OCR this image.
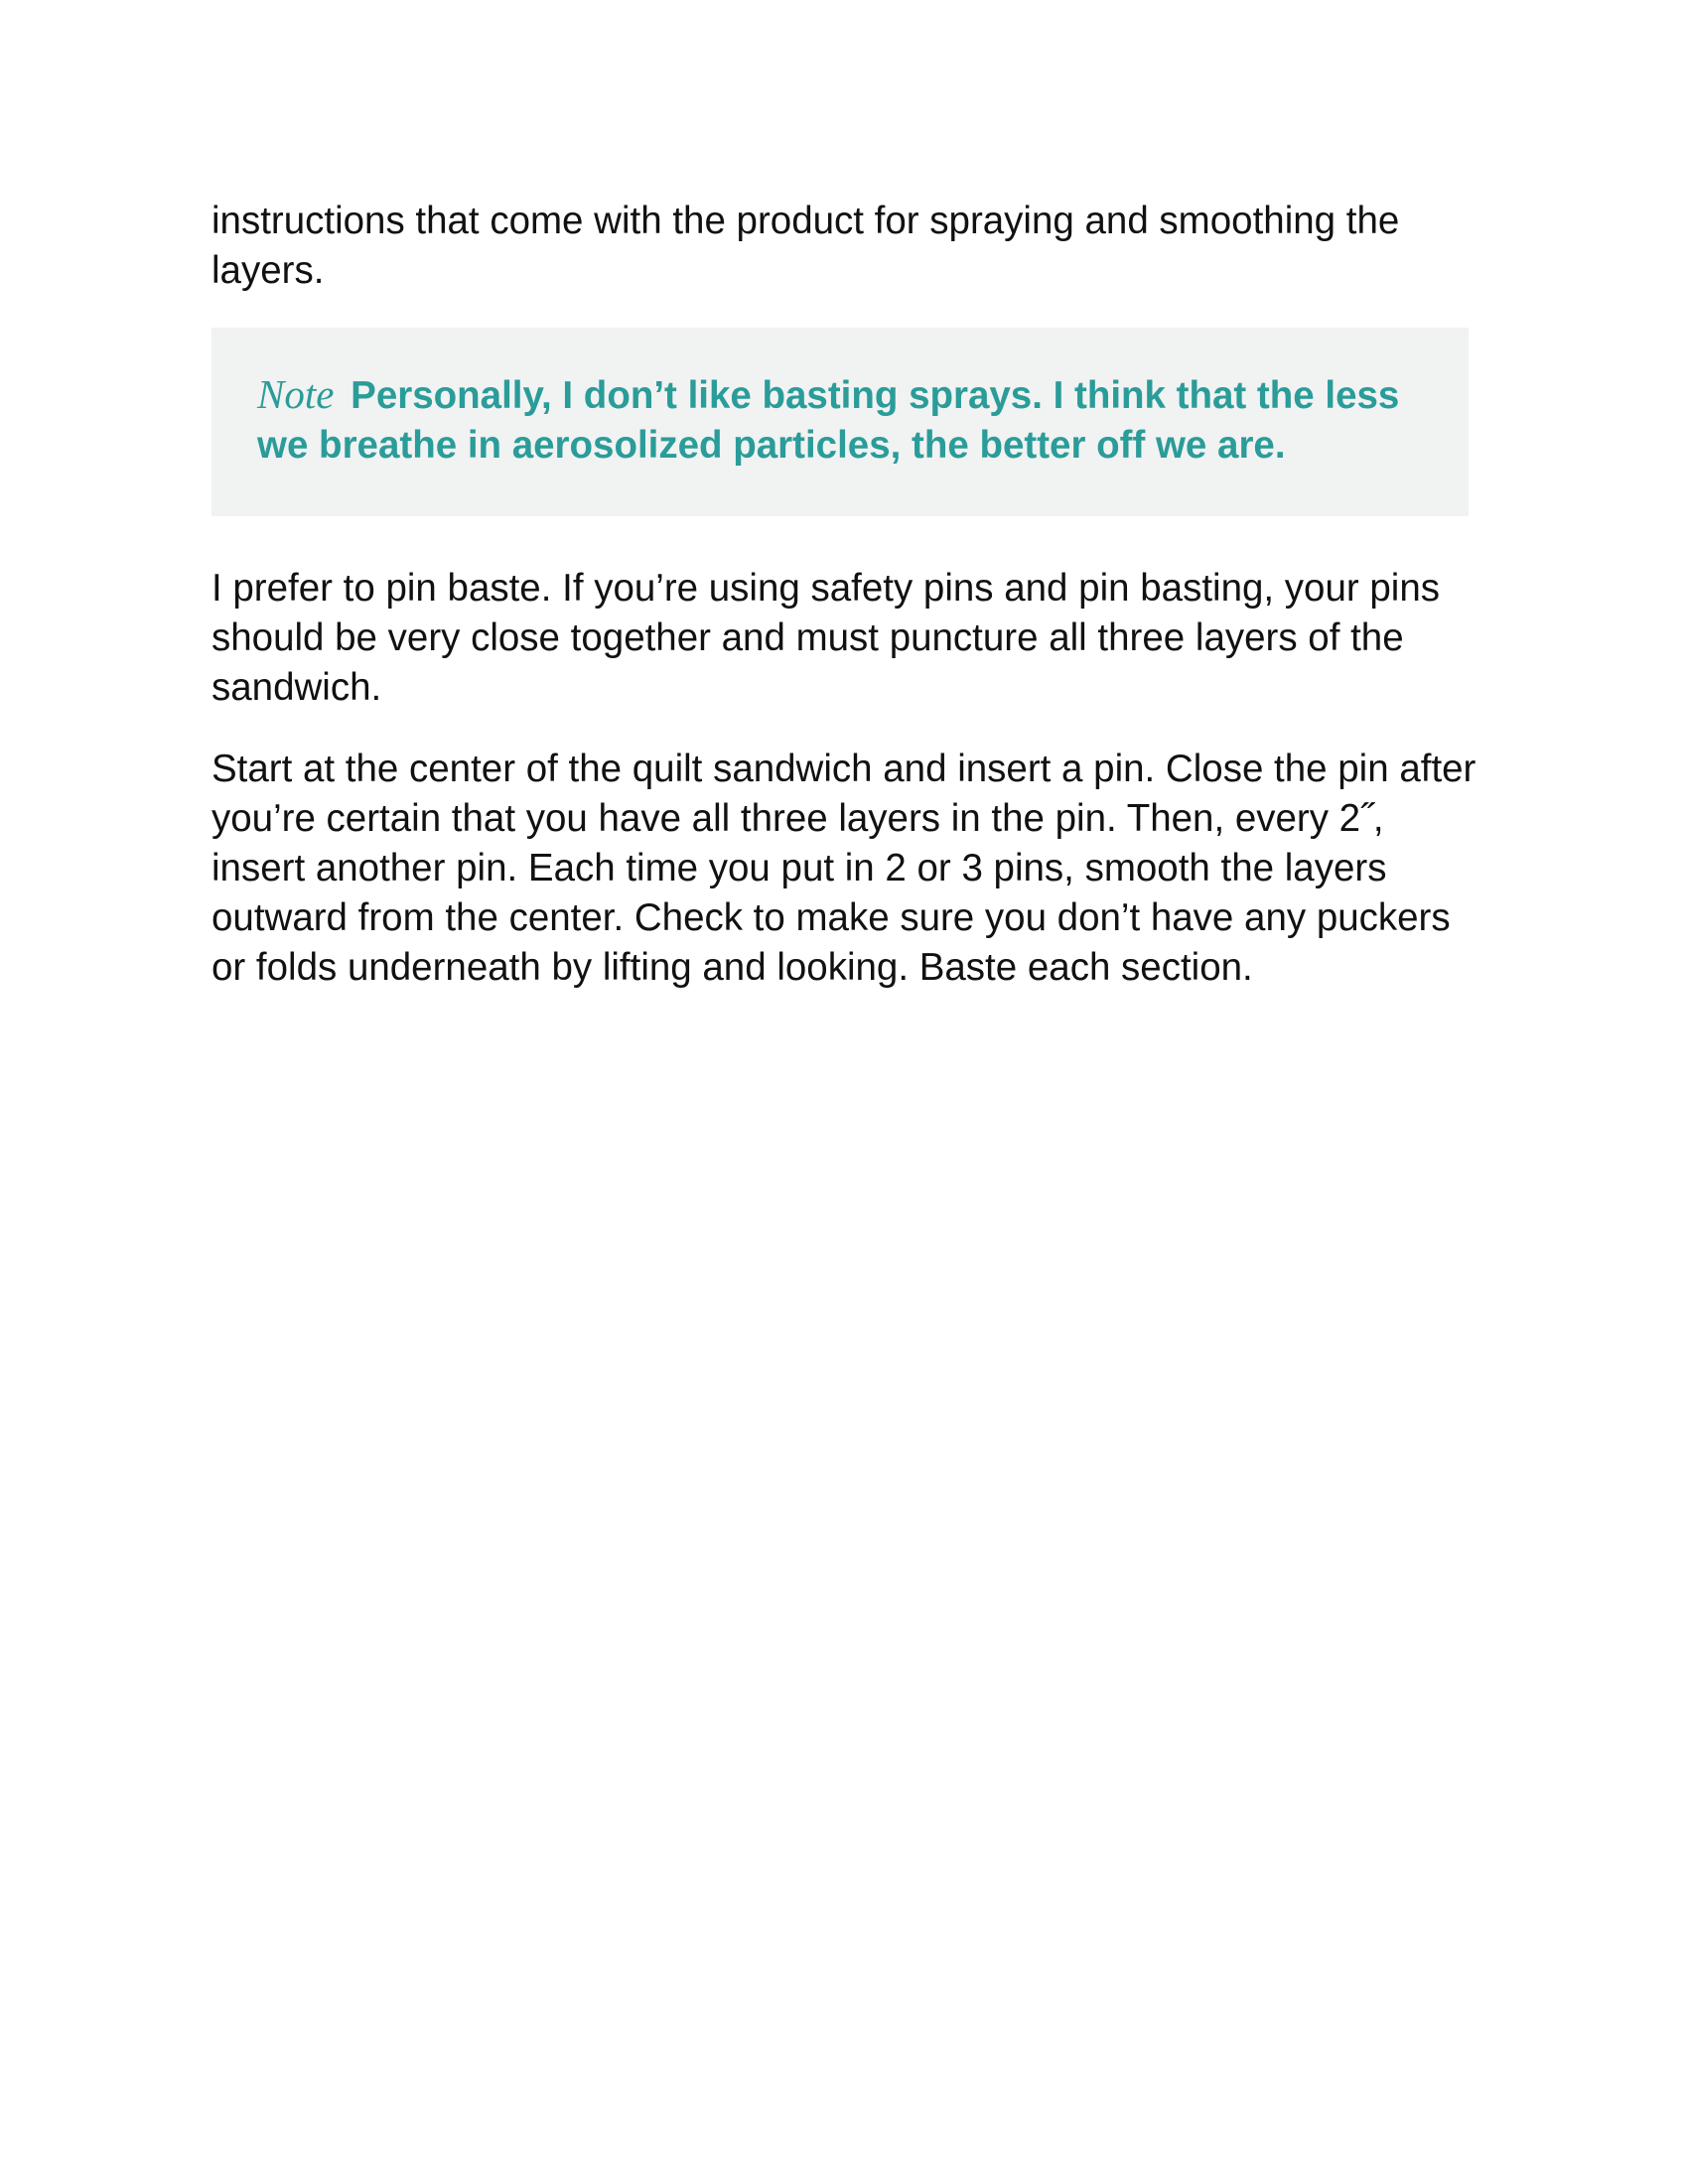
instructions that come with the product for spraying and smoothing the layers.

Note Personally, I don’t like basting sprays. I think that the less we breathe in aerosolized particles, the better off we are.

I prefer to pin baste. If you’re using safety pins and pin basting, your pins should be very close together and must puncture all three layers of the sandwich.

Start at the center of the quilt sandwich and insert a pin. Close the pin after you’re certain that you have all three layers in the pin. Then, every 2˝, insert another pin. Each time you put in 2 or 3 pins, smooth the layers outward from the center. Check to make sure you don’t have any puckers or folds underneath by lifting and looking. Baste each section.
